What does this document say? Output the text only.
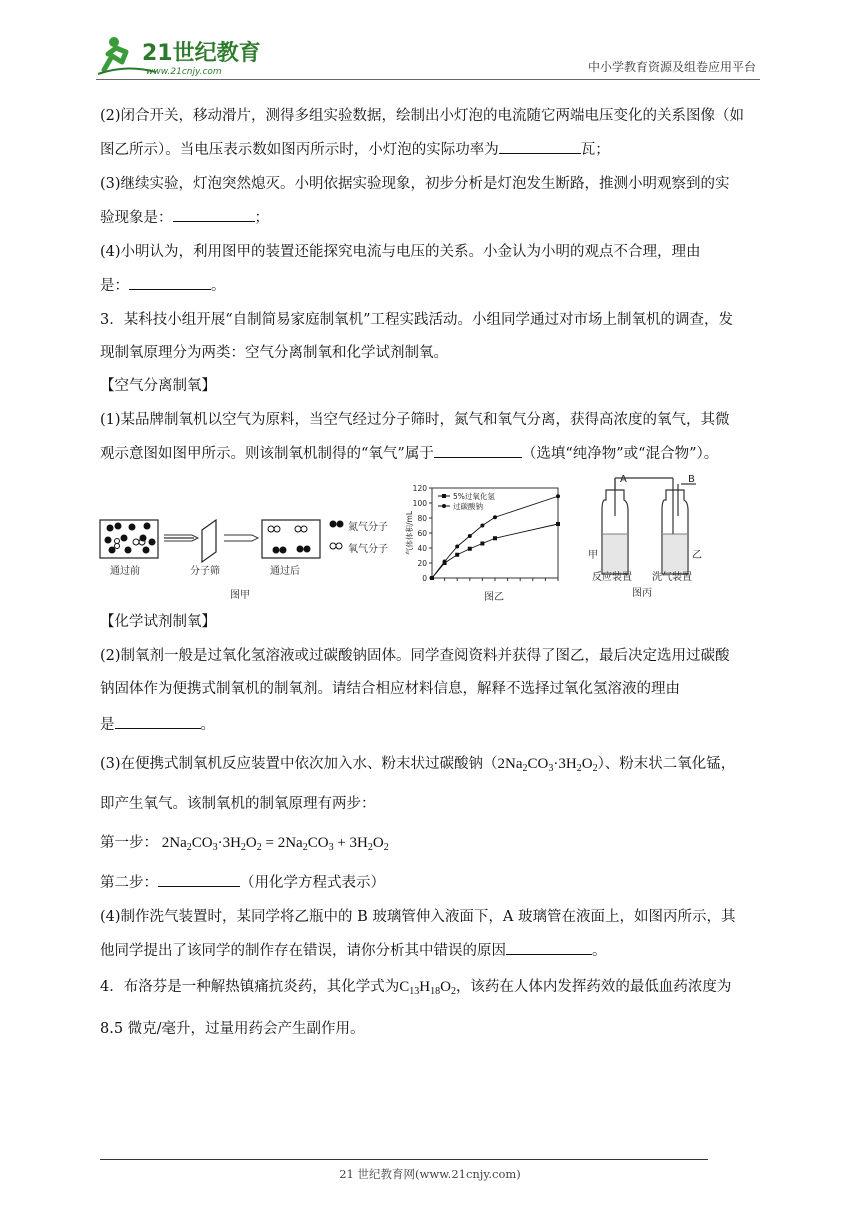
21世纪教育
www.21cnjy.com	中小学教育资源及组卷应用平台
(2)闭合开关，移动滑片，测得多组实验数据，绘制出小灯泡的电流随它两端电压变化的关系图像（如
图乙所示）。当电压表示数如图丙所示时，小灯泡的实际功率为	瓦；
(3)继续实验，灯泡突然熄灭。小明依据实验现象，初步分析是灯泡发生断路，推测小明观察到的实
验现象是：	；
(4)小明认为，利用图甲的装置还能探究电流与电压的关系。小金认为小明的观点不合理，理由
是：	。
3．某科技小组开展“自制简易家庭制氧机”工程实践活动。小组同学通过对市场上制氧机的调查，发
现制氧原理分为两类：空气分离制氧和化学试剂制氧。
【空气分离制氧】
(1)某品牌制氧机以空气为原料，当空气经过分子筛时，氮气和氧气分离，获得高浓度的氧气，其微
观示意图如图甲所示。则该制氧机制得的“氧气”属于	（选填“纯净物”或“混合物”）。
氮气分子
氧气分子
通过前	分子筛	通过后
图甲
0
20
40
60
80
100
120
气体体积/mL
5%过氧化氢
过碳酸钠
图乙
A	B
甲	乙
反应装置 洗气装置
图丙
【化学试剂制氧】
(2)制氧剂一般是过氧化氢溶液或过碳酸钠固体。同学查阅资料并获得了图乙，最后决定选用过碳酸
钠固体作为便携式制氧机的制氧剂。请结合相应材料信息，解释不选择过氧化氢溶液的理由
是	。
(3)在便携式制氧机反应装置中依次加入水、粉末状过碳酸钠$(2Na_2CO_3\cdot 3H_2O_2)$、粉末状二氧化锰，
即产生氧气。该制氧机的制氧原理有两步：
第一步： $2Na_2CO_3\cdot 3H_2O_2 = 2Na_2CO_3 + 3H_2O_2$
第二步：	（用化学方程式表示）
(4)制作洗气装置时，某同学将乙瓶中的 B 玻璃管伸入液面下，A 玻璃管在液面上，如图丙所示，其
他同学提出了该同学的制作存在错误，请你分析其中错误的原因	。
4．布洛芬是一种解热镇痛抗炎药，其化学式为$C_{13}H_{18}O_2$，该药在人体内发挥药效的最低血药浓度为
8.5 微克/毫升，过量用药会产生副作用。
21 世纪教育网(www.21cnjy.com)
